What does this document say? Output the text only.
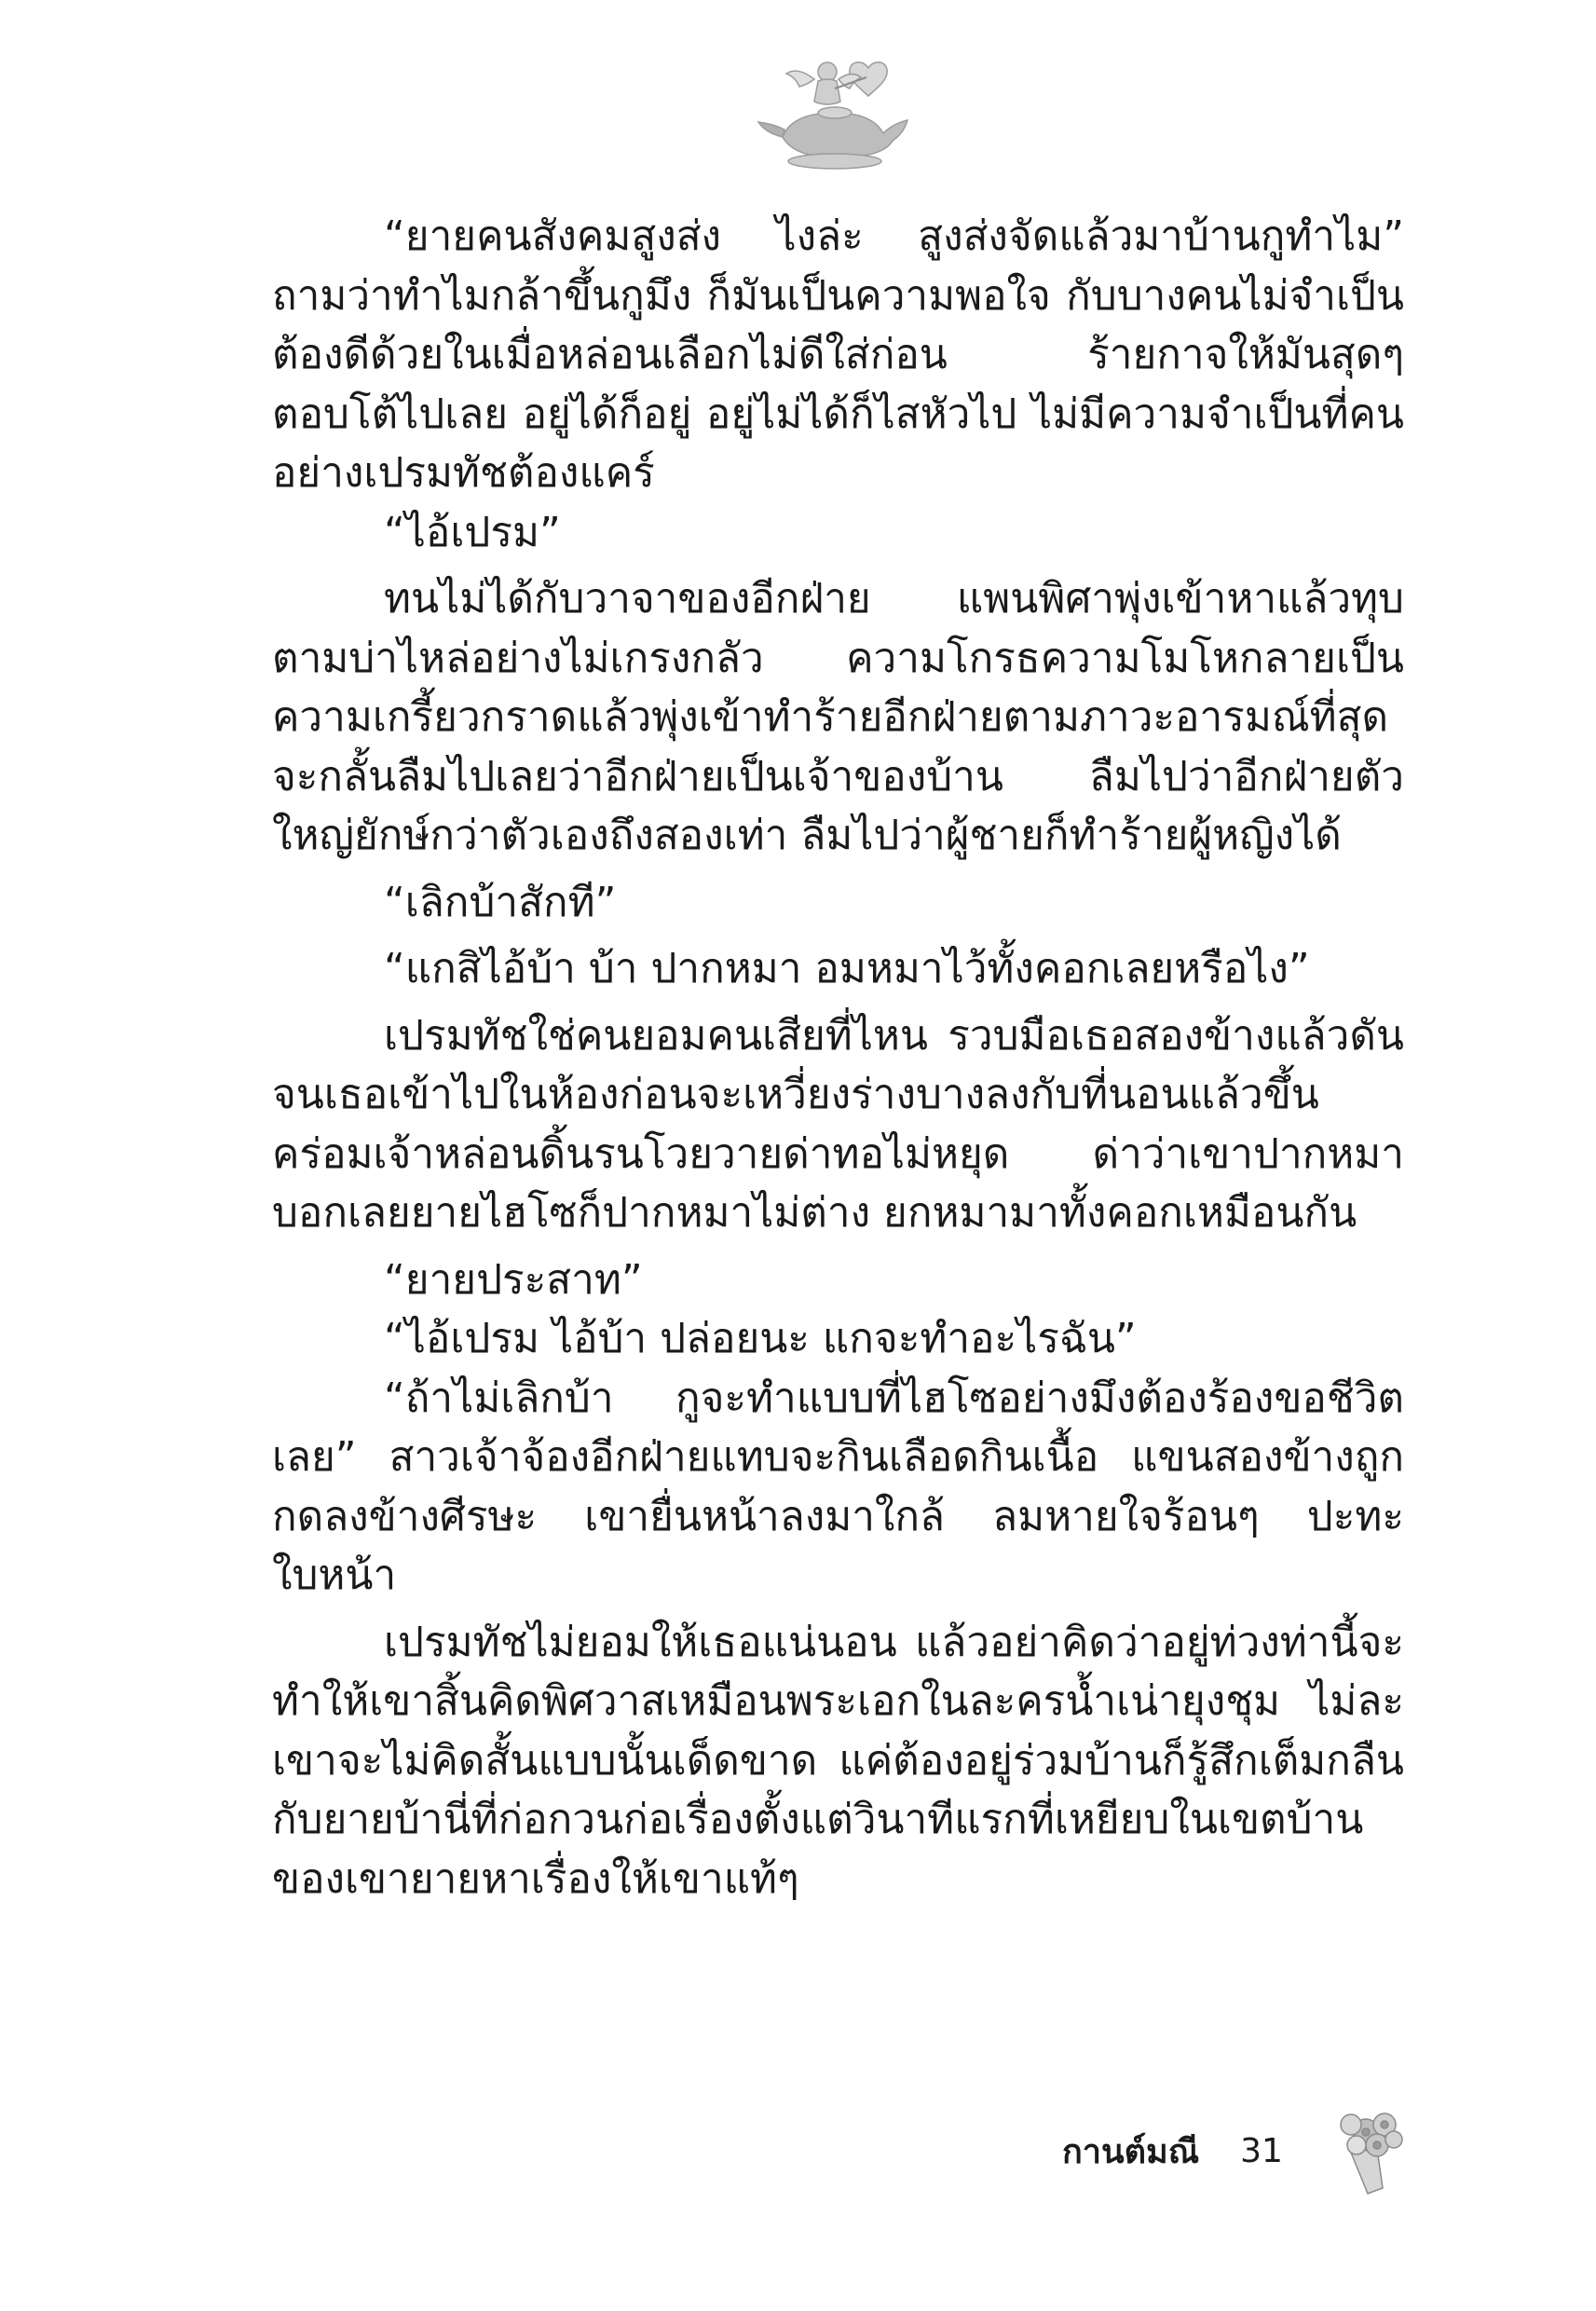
“ยายคนสังคมสูงส่ง ไงล่ะ สูงส่งจัดแล้วมาบ้านกูทำไม” ถามว่าทำไมกล้าขึ้นกูมึง ก็มันเป็นความพอใจ กับบางคนไม่จำเป็นต้องดีด้วยในเมื่อหล่อนเลือกไม่ดีใส่ก่อน ร้ายกาจให้มันสุดๆ ตอบโต้ไปเลย อยู่ได้ก็อยู่ อยู่ไม่ได้ก็ไสหัวไป ไม่มีความจำเป็นที่คนอย่างเปรมทัชต้องแคร์

“ไอ้เปรม”

ทนไม่ได้กับวาจาของอีกฝ่าย แพนพิศาพุ่งเข้าหาแล้วทุบตามบ่าไหล่อย่างไม่เกรงกลัว ความโกรธความโมโหกลายเป็นความเกรี้ยวกราดแล้วพุ่งเข้าทำร้ายอีกฝ่ายตามภาวะอารมณ์ที่สุดจะกลั้นลืมไปเลยว่าอีกฝ่ายเป็นเจ้าของบ้าน ลืมไปว่าอีกฝ่ายตัวใหญ่ยักษ์กว่าตัวเองถึงสองเท่า ลืมไปว่าผู้ชายก็ทำร้ายผู้หญิงได้

“เลิกบ้าสักที”

“แกสิไอ้บ้า บ้า ปากหมา อมหมาไว้ทั้งคอกเลยหรือไง”

เปรมทัชใช่คนยอมคนเสียที่ไหน รวบมือเธอสองข้างแล้วดันจนเธอเข้าไปในห้องก่อนจะเหวี่ยงร่างบางลงกับที่นอนแล้วขึ้นคร่อมเจ้าหล่อนดิ้นรนโวยวายด่าทอไม่หยุด ด่าว่าเขาปากหมา บอกเลยยายไฮโซก็ปากหมาไม่ต่าง ยกหมามาทั้งคอกเหมือนกัน

“ยายประสาท”

“ไอ้เปรม ไอ้บ้า ปล่อยนะ แกจะทำอะไรฉัน”

“ถ้าไม่เลิกบ้า กูจะทำแบบที่ไฮโซอย่างมึงต้องร้องขอชีวิตเลย” สาวเจ้าจ้องอีกฝ่ายแทบจะกินเลือดกินเนื้อ แขนสองข้างถูกกดลงข้างศีรษะ เขายื่นหน้าลงมาใกล้ ลมหายใจร้อนๆ ปะทะใบหน้า

เปรมทัชไม่ยอมให้เธอแน่นอน แล้วอย่าคิดว่าอยู่ท่วงท่านี้จะทำให้เขาสิ้นคิดพิศวาสเหมือนพระเอกในละครน้ำเน่ายุงชุม ไม่ละ เขาจะไม่คิดสั้นแบบนั้นเด็ดขาด แค่ต้องอยู่ร่วมบ้านก็รู้สึกเต็มกลืนกับยายบ้านี่ที่ก่อกวนก่อเรื่องตั้งแต่วินาทีแรกที่เหยียบในเขตบ้านของเขายายหาเรื่องให้เขาแท้ๆ

กานต์มณี 31
